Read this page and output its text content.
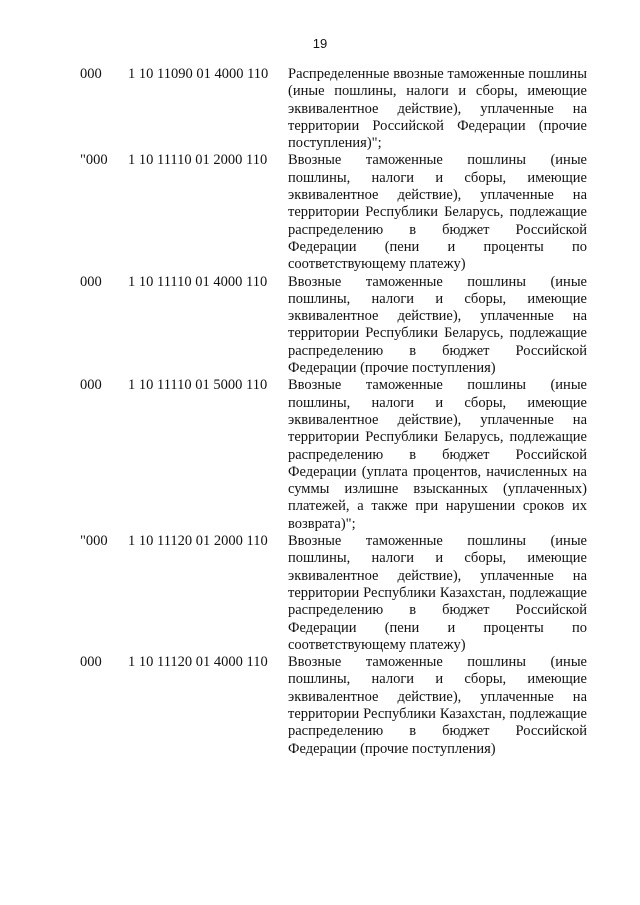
19
000 1 10 11090 01 4000 110 Распределенные ввозные таможенные пошлины
(иные пошлины, налоги и сборы, имеющие
эквивалентное действие), уплаченные на
территории Российской Федерации (прочие
поступления)";
"000 1 10 11110 01 2000 110 Ввозные таможенные пошлины (иные
пошлины, налоги и сборы, имеющие
эквивалентное действие), уплаченные на
территории Республики Беларусь, подлежащие
распределению в бюджет Российской
Федерации (пени и проценты по
соответствующему платежу)
000 1 10 11110 01 4000 110 Ввозные таможенные пошлины (иные
пошлины, налоги и сборы, имеющие
эквивалентное действие), уплаченные на
территории Республики Беларусь, подлежащие
распределению в бюджет Российской
Федерации (прочие поступления)
000 1 10 11110 01 5000 110 Ввозные таможенные пошлины (иные
пошлины, налоги и сборы, имеющие
эквивалентное действие), уплаченные на
территории Республики Беларусь, подлежащие
распределению в бюджет Российской
Федерации (уплата процентов, начисленных на
суммы излишне взысканных (уплаченных)
платежей, а также при нарушении сроков их
возврата)";
"000 1 10 11120 01 2000 110 Ввозные таможенные пошлины (иные
пошлины, налоги и сборы, имеющие
эквивалентное действие), уплаченные на
территории Республики Казахстан, подлежащие
распределению в бюджет Российской
Федерации (пени и проценты по
соответствующему платежу)
000 1 10 11120 01 4000 110 Ввозные таможенные пошлины (иные
пошлины, налоги и сборы, имеющие
эквивалентное действие), уплаченные на
территории Республики Казахстан, подлежащие
распределению в бюджет Российской
Федерации (прочие поступления)
